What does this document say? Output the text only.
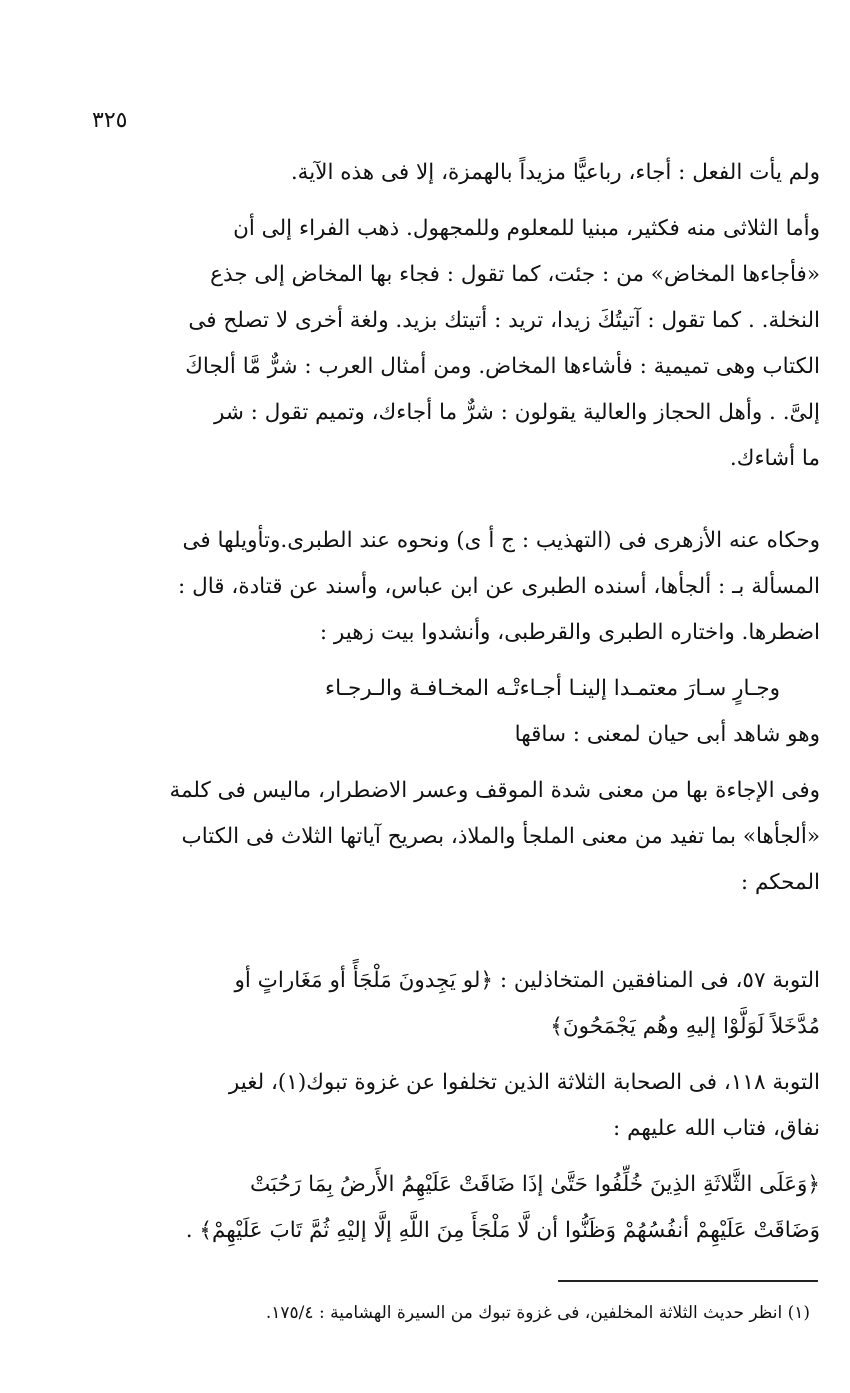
٣٢٥
ولم يأت الفعل : أجاء، رباعيًّا مزيداً بالهمزة، إلا فى هذه الآية.
وأما الثلاثى منه فكثير، مبنيا للمعلوم وللمجهول. ذهب الفراء إلى أن
«فأجاءها المخاض» من : جئت، كما تقول : فجاء بها المخاض إلى جذع
النخلة. . كما تقول : آتيتُكَ زيدا، تريد : أتيتك بزيد. ولغة أخرى لا تصلح فى
الكتاب وهى تميمية : فأشاءها المخاض. ومن أمثال العرب : شرٌّ مَّا ألجاكَ
إلىَّ. . وأهل الحجاز والعالية يقولون : شرٌّ ما أجاءك، وتميم تقول : شر
ما أشاءك.
وحكاه عنه الأزهرى فى (التهذيب : ج أ ى) ونحوه عند الطبرى.وتأويلها فى
المسألة بـ : ألجأها، أسنده الطبرى عن ابن عباس، وأسند عن قتادة، قال :
اضطرها. واختاره الطبرى والقرطبى، وأنشدوا بيت زهير :
وجـارٍ سـارَ معتمـدا إلينـا أجـاءتْـه المخـافـة والـرجـاء
وهو شاهد أبى حيان لمعنى : ساقها
وفى الإجاءة بها من معنى شدة الموقف وعسر الاضطرار، ماليس فى كلمة
«ألجأها» بما تفيد من معنى الملجأ والملاذ، بصريح آياتها الثلاث فى الكتاب
المحكم :
التوبة ٥٧، فى المنافقين المتخاذلين : ﴿لو يَجِدونَ مَلْجَأً أو مَغَاراتٍ أو
مُدَّخَلاً لَوَلَّوْا إليهِ وهُم يَجْمَحُونَ﴾
التوبة ١١٨، فى الصحابة الثلاثة الذين تخلفوا عن غزوة تبوك(١)، لغير
نفاق، فتاب الله عليهم :
﴿وَعَلَى الثَّلاثَةِ الذِينَ خُلِّفُوا حَتَّىٰ إذَا ضَاقَتْ عَلَيْهِمُ الأَرضُ بِمَا رَحُبَتْ
وَضَاقَتْ عَلَيْهِمْ أنفُسُهُمْ وَظَنُّوا أن لَّا مَلْجَأَ مِنَ اللَّهِ إلَّا إليْهِ ثُمَّ تَابَ عَلَيْهِمْ﴾ .
(١) انظر حديث الثلاثة المخلفين، فى غزوة تبوك من السيرة الهشامية : ١٧٥/٤.
